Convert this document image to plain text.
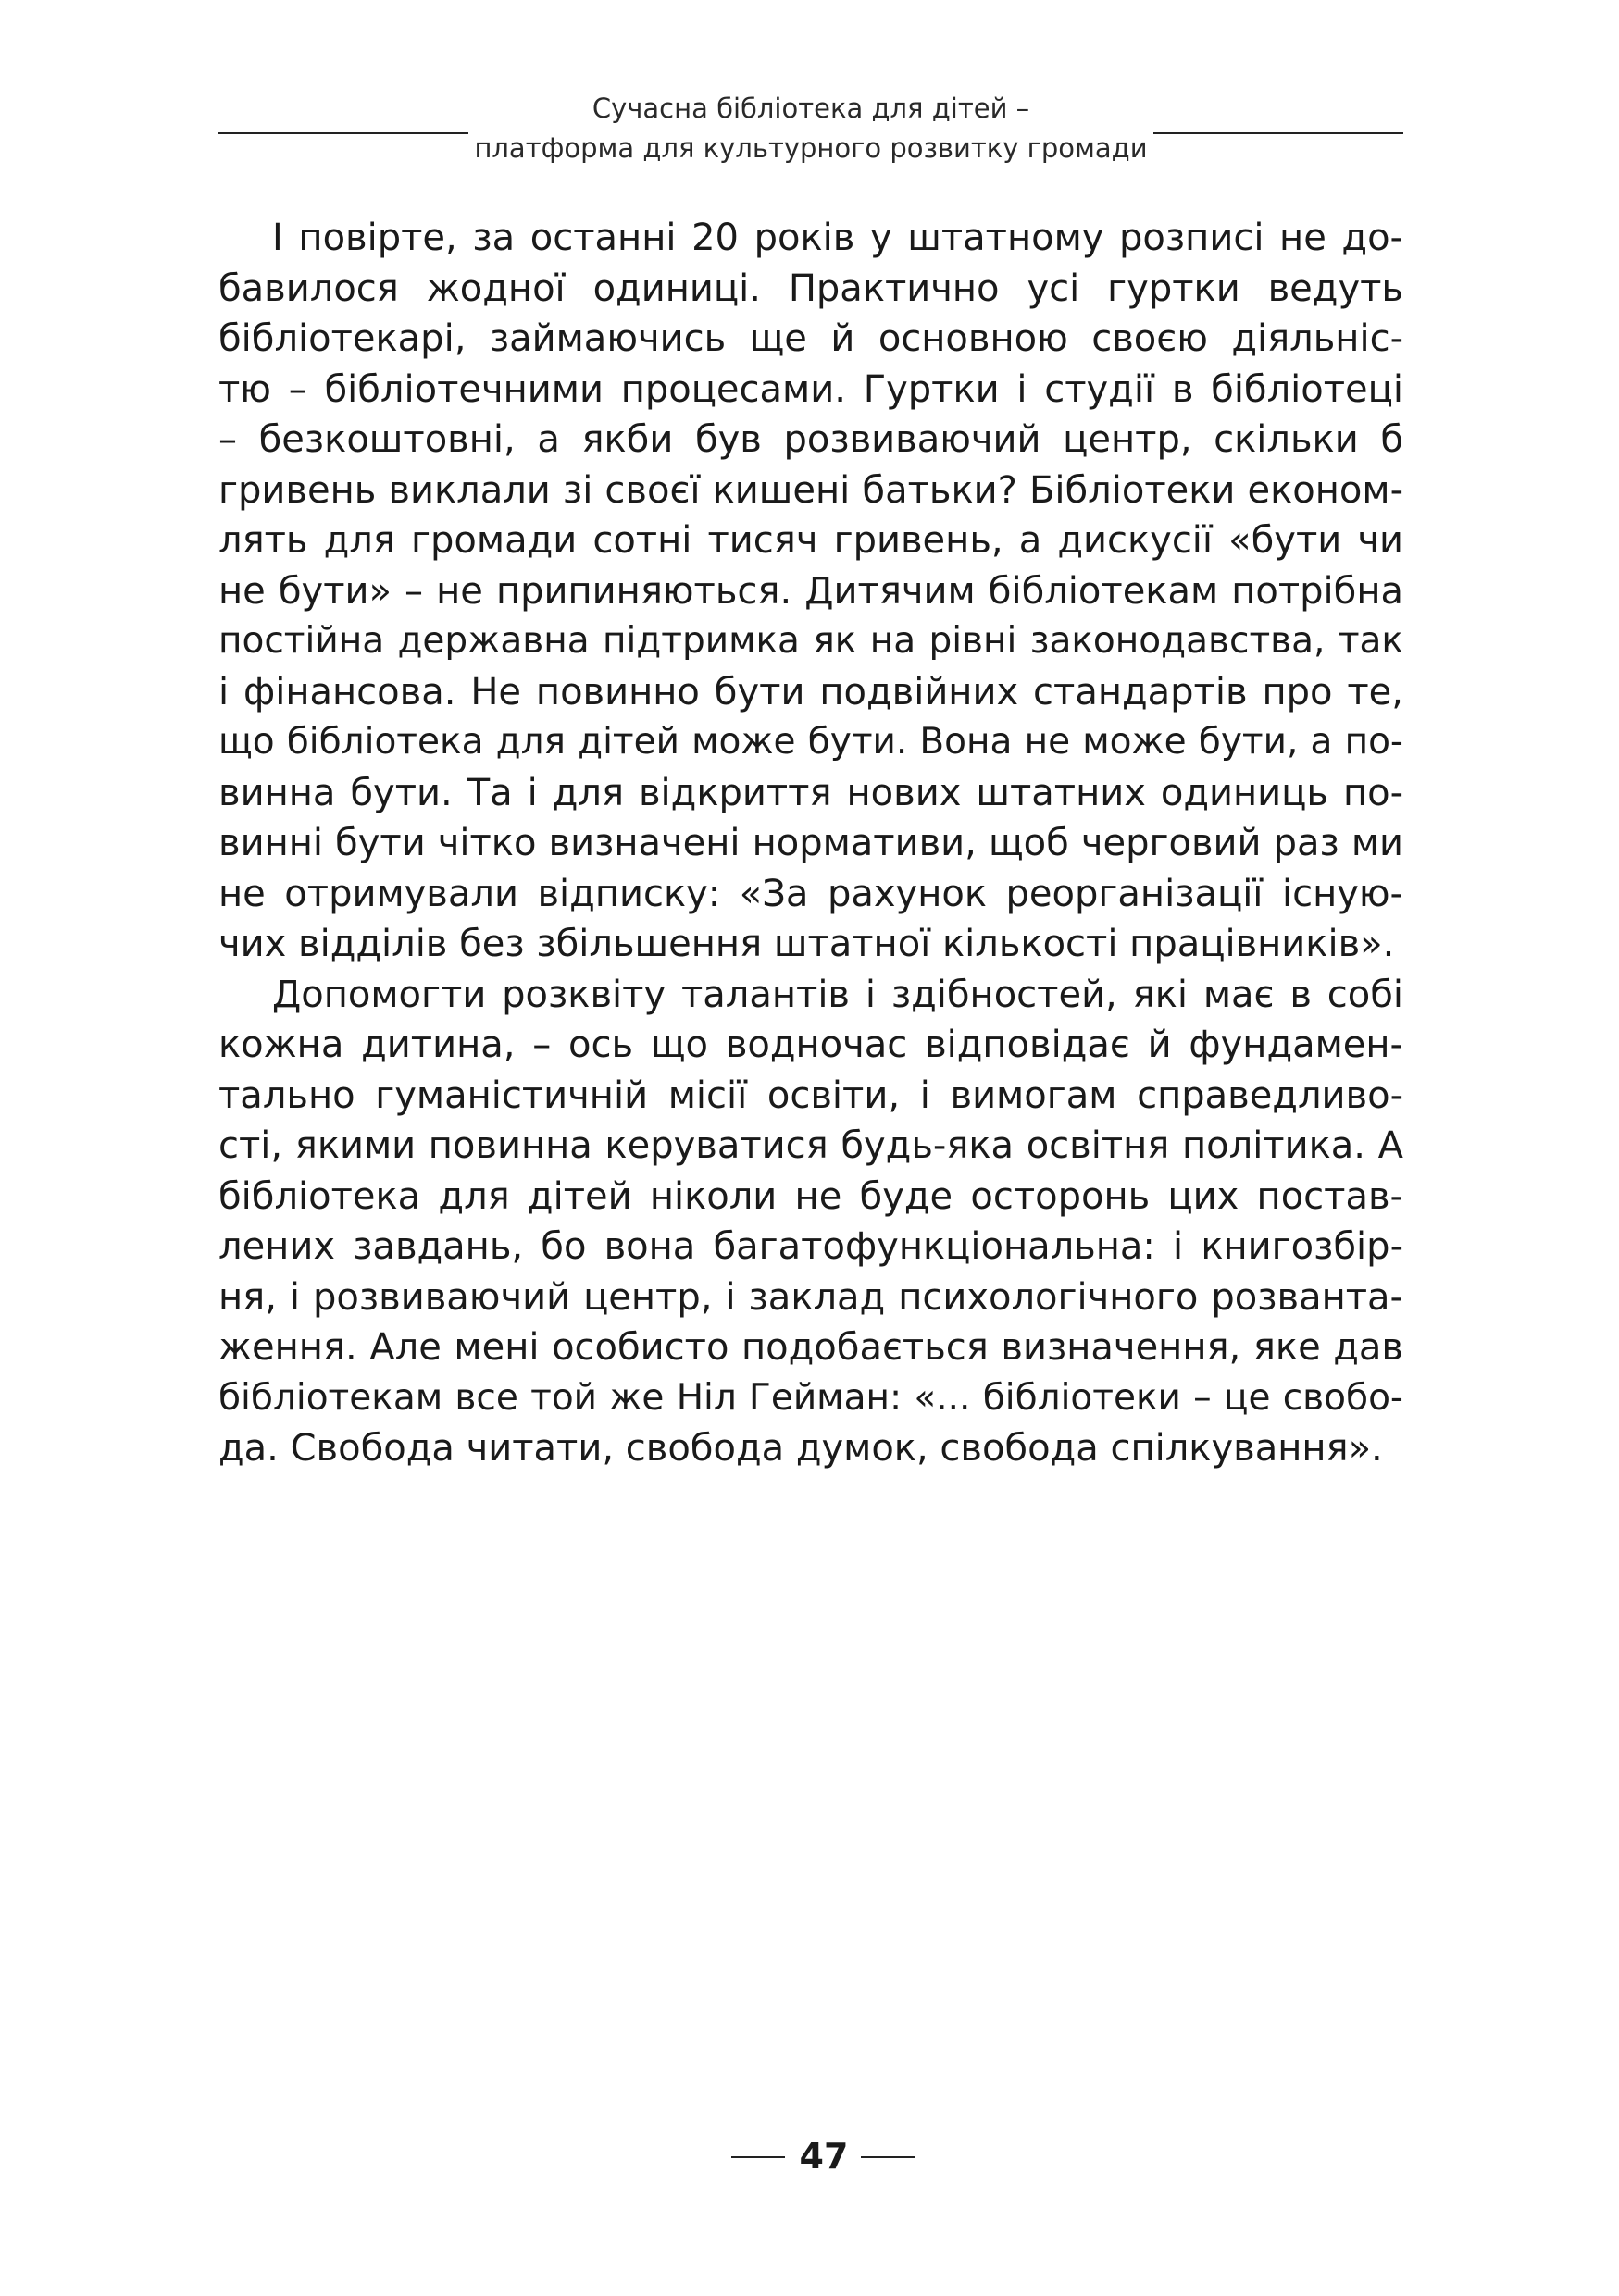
Сучасна бібліотека для дітей –
платформа для культурного розвитку громади
І повірте, за останні 20 років у штатному розписі не до-
бавилося жодної одиниці. Практично усі гуртки ведуть
бібліотекарі, займаючись ще й основною своєю діяльніс-
тю – бібліотечними процесами. Гуртки і студії в бібліотеці
– безкоштовні, а якби був розвиваючий центр, скільки б
гривень виклали зі своєї кишені батьки? Бібліотеки економ-
лять для громади сотні тисяч гривень, а дискусії «бути чи
не бути» – не припиняються. Дитячим бібліотекам потрібна
постійна державна підтримка як на рівні законодавства, так
і фінансова. Не повинно бути подвійних стандартів про те,
що бібліотека для дітей може бути. Вона не може бути, а по-
винна бути. Та і для відкриття нових штатних одиниць по-
винні бути чітко визначені нормативи, щоб черговий раз ми
не отримували відписку: «За рахунок реорганізації існую-
чих відділів без збільшення штатної кількості працівників».
Допомогти розквіту талантів і здібностей, які має в собі
кожна дитина, – ось що водночас відповідає й фундамен-
тально гуманістичній місії освіти, і вимогам справедливо-
сті, якими повинна керуватися будь-яка освітня політика. А
бібліотека для дітей ніколи не буде осторонь цих постав-
лених завдань, бо вона багатофункціональна: і книгозбір-
ня, і розвиваючий центр, і заклад психологічного розванта-
ження. Але мені особисто подобається визначення, яке дав
бібліотекам все той же Ніл Гейман: «... бібліотеки – це свобо-
да. Свобода читати, свобода думок, свобода спілкування».
47
